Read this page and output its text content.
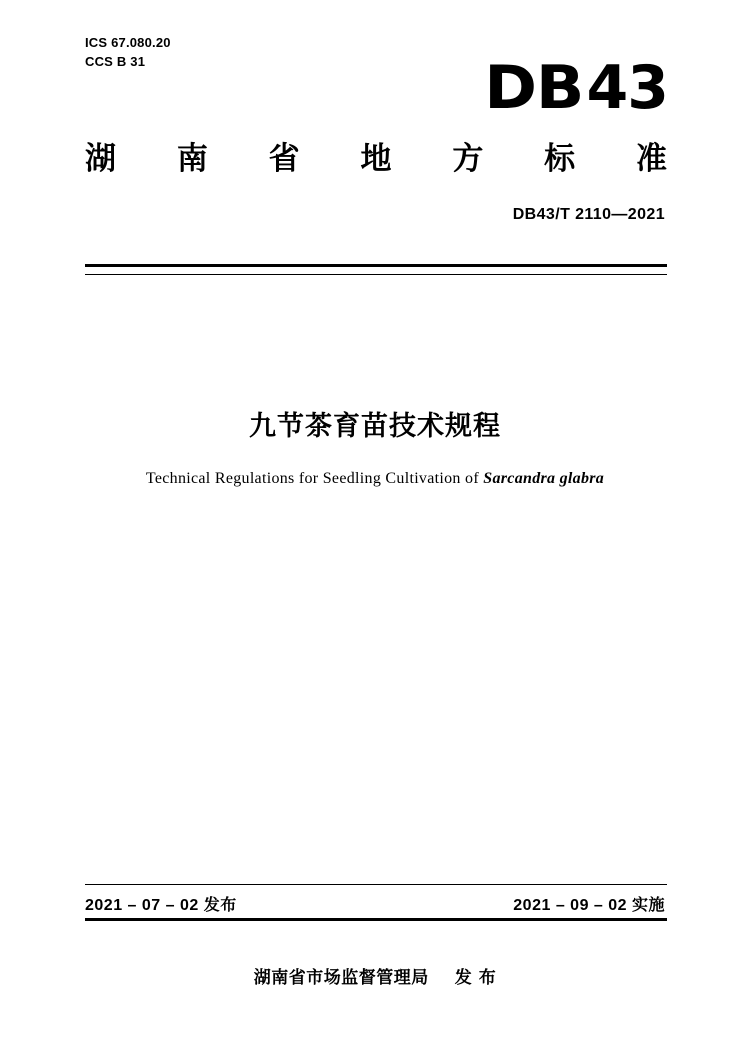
ICS 67.080.20
CCS B 31	DB43
湖 南 省 地 方 标 准
DB43/T 2110—2021
九节茶育苗技术规程
Technical Regulations for Seedling Cultivation of Sarcandra glabra
2021 – 07 – 02 发布	2021 – 09 – 02 实施
湖南省市场监督管理局 发 布
